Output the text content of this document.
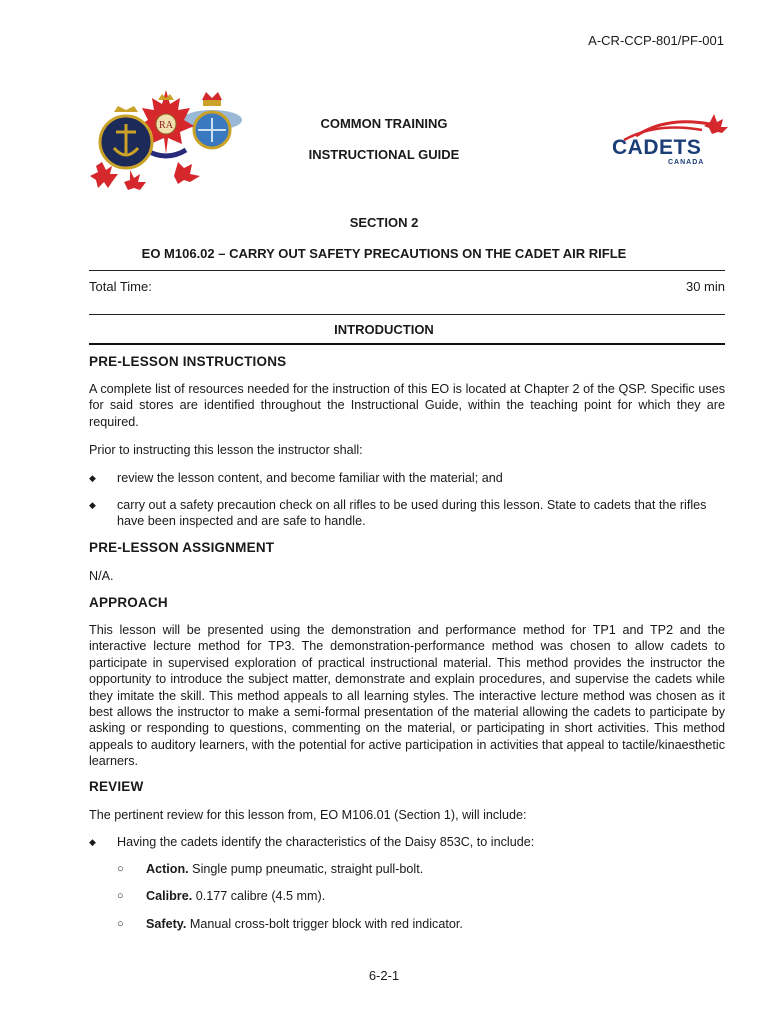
A-CR-CCP-801/PF-001
RA	COMMON TRAINING
INSTRUCTIONAL GUIDE	CADETS
CANADA
SECTION 2
EO M106.02 – CARRY OUT SAFETY PRECAUTIONS ON THE CADET AIR RIFLE
Total Time:	30 min
INTRODUCTION
PRE-LESSON INSTRUCTIONS
A complete list of resources needed for the instruction of this EO is located at Chapter 2 of the QSP. Specific uses for said stores are identified throughout the Instructional Guide, within the teaching point for which they are required.
Prior to instructing this lesson the instructor shall:
◆ review the lesson content, and become familiar with the material; and
◆ carry out a safety precaution check on all rifles to be used during this lesson. State to cadets that the rifles have been inspected and are safe to handle.
PRE-LESSON ASSIGNMENT
N/A.
APPROACH
This lesson will be presented using the demonstration and performance method for TP1 and TP2 and the interactive lecture method for TP3. The demonstration-performance method was chosen to allow cadets to participate in supervised exploration of practical instructional material. This method provides the instructor the opportunity to introduce the subject matter, demonstrate and explain procedures, and supervise the cadets while they imitate the skill. This method appeals to all learning styles. The interactive lecture method was chosen as it best allows the instructor to make a semi-formal presentation of the material allowing the cadets to participate by asking or responding to questions, commenting on the material, or participating in short activities. This method appeals to auditory learners, with the potential for active participation in activities that appeal to tactile/kinaesthetic learners.
REVIEW
The pertinent review for this lesson from, EO M106.01 (Section 1), will include:
◆ Having the cadets identify the characteristics of the Daisy 853C, to include:
○ Action. Single pump pneumatic, straight pull-bolt.
○ Calibre. 0.177 calibre (4.5 mm).
○ Safety. Manual cross-bolt trigger block with red indicator.
6-2-1
